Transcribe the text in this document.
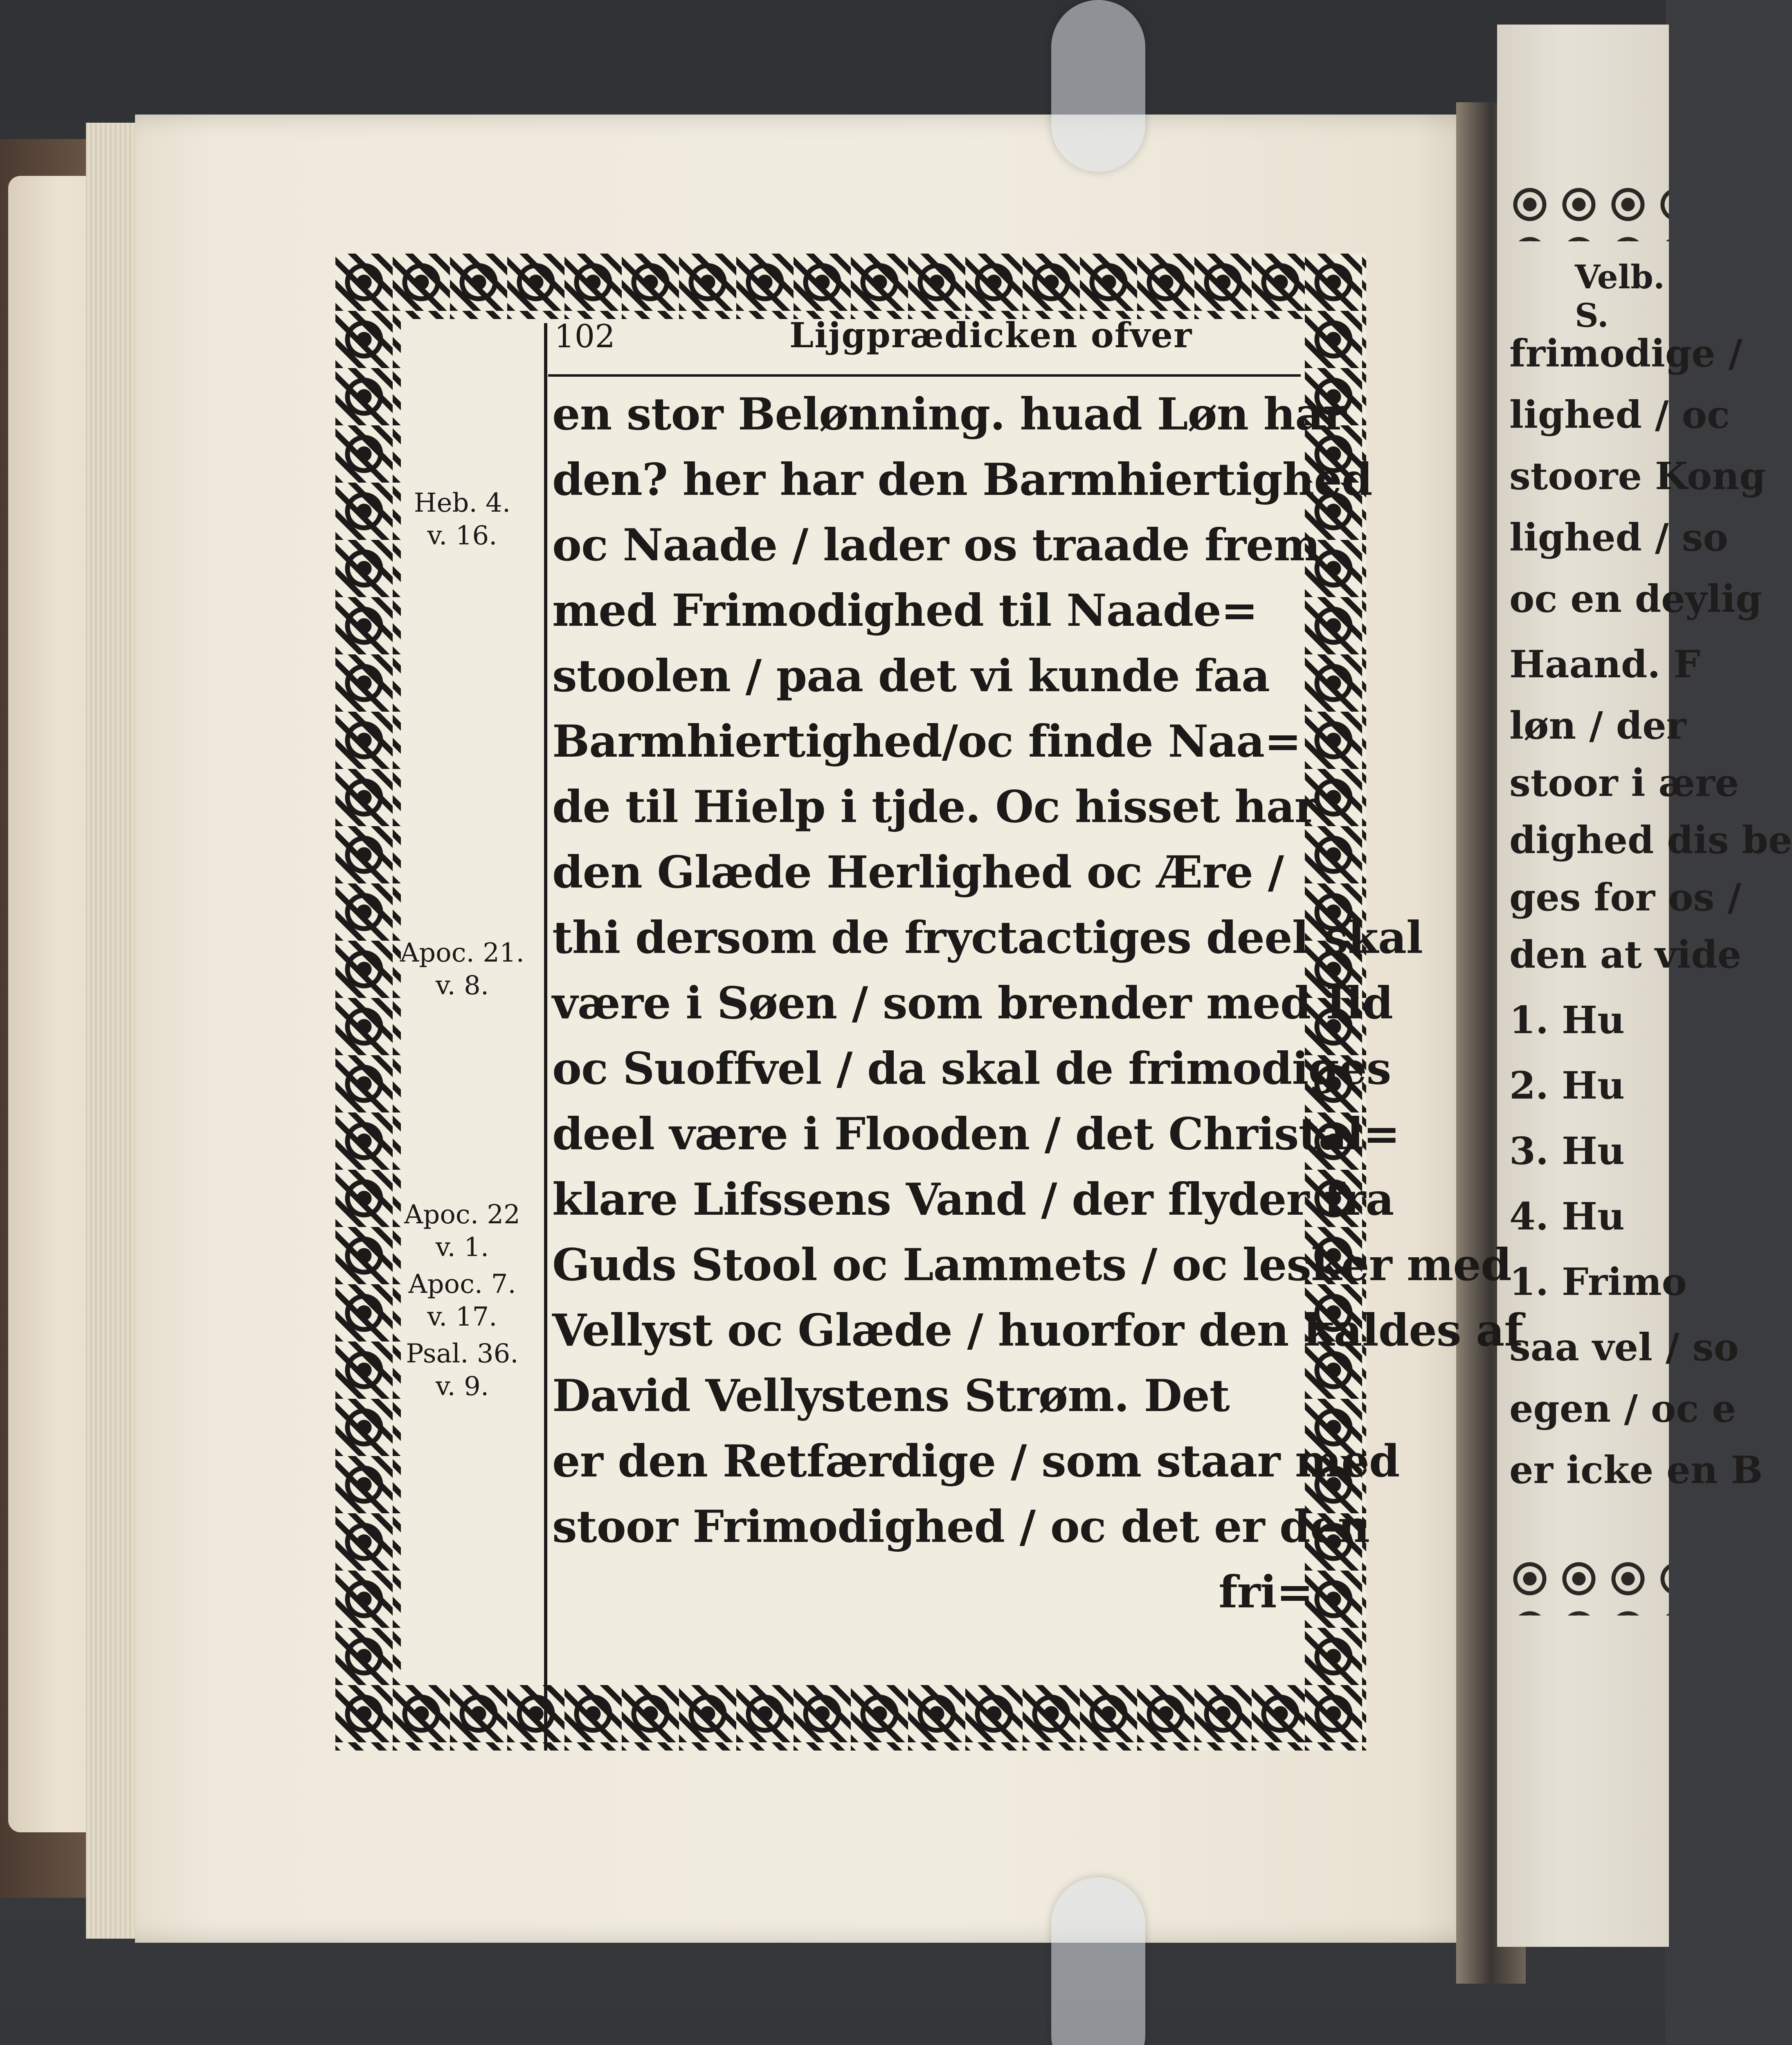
Velb. S.
frimodige /
lighed / oc
stoore Kong
lighed / so
oc en deylig
Haand. F
løn / der
stoor i ære
dighed dis be
ges for os /
den at vide
1. Hu
2. Hu
3. Hu
4. Hu
1. Frimo
saa vel / so
egen / oc e
er icke en B
102	Lijgprædicken ofver
Heb. 4.
v. 16.
Apoc. 21.
v. 8.
Apoc. 22
v. 1.
Apoc. 7.
v. 17.
Psal. 36.
v. 9.
en stor Belønning. huad Løn har
den? her har den Barmhiertighed
oc Naade / lader os traade frem
med Frimodighed til Naade=
stoolen / paa det vi kunde faa
Barmhiertighed/oc finde Naa=
de til Hielp i tjde. Oc hisset har
den Glæde Herlighed oc Ære /
thi dersom de fryctactiges deel skal
være i Søen / som brender med Ild
oc Suoffvel / da skal de frimodiges
deel være i Flooden / det Christal=
klare Lifssens Vand / der flyder fra
Guds Stool oc Lammets / oc lesker med
Vellyst oc Glæde / huorfor den kaldes af
David Vellystens Strøm. Det
er den Retfærdige / som staar med
stoor Frimodighed / oc det er den
fri=
